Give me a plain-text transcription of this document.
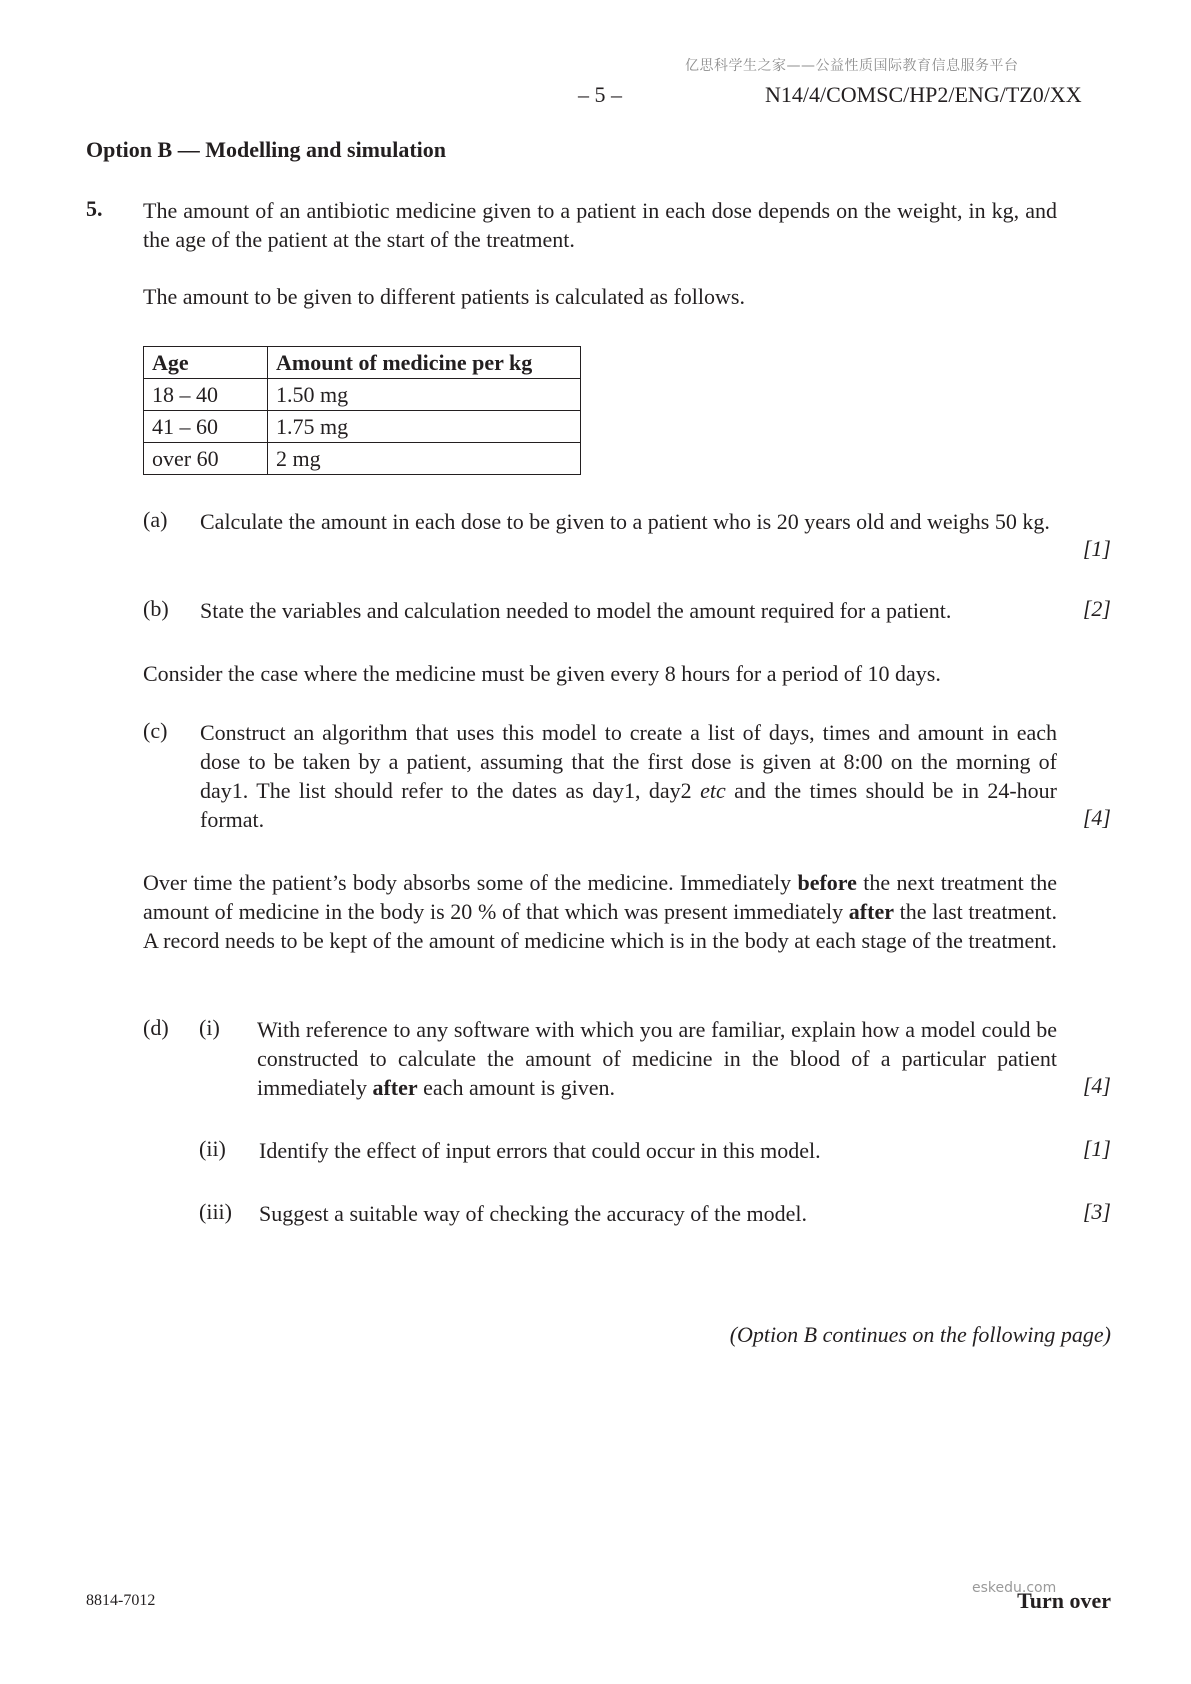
亿思科学生之家——公益性质国际教育信息服务平台
– 5 –	N14/4/COMSC/HP2/ENG/TZ0/XX
Option B — Modelling and simulation
5. The amount of an antibiotic medicine given to a patient in each dose depends on the weight, in kg, and the age of the patient at the start of the treatment.
The amount to be given to different patients is calculated as follows.
Age	Amount of medicine per kg
18 – 40	1.50 mg
41 – 60	1.75 mg
over 60	2 mg
(a) Calculate the amount in each dose to be given to a patient who is 20 years old and weighs 50 kg.
[1]
(b) State the variables and calculation needed to model the amount required for a patient.	[2]
Consider the case where the medicine must be given every 8 hours for a period of 10 days.
(c) Construct an algorithm that uses this model to create a list of days, times and amount in each dose to be taken by a patient, assuming that the first dose is given at 8:00 on the morning of day1. The list should refer to the dates as day1, day2 etc and the times should be in 24-hour format.	[4]
Over time the patient’s body absorbs some of the medicine. Immediately before the next treatment the amount of medicine in the body is 20 % of that which was present immediately after the last treatment. A record needs to be kept of the amount of medicine which is in the body at each stage of the treatment.
(d) (i) With reference to any software with which you are familiar, explain how a model could be constructed to calculate the amount of medicine in the blood of a particular patient immediately after each amount is given.	[4]
(ii) Identify the effect of input errors that could occur in this model.	[1]
(iii) Suggest a suitable way of checking the accuracy of the model.	[3]
(Option B continues on the following page)
8814-7012
eskedu.com
Turn over
